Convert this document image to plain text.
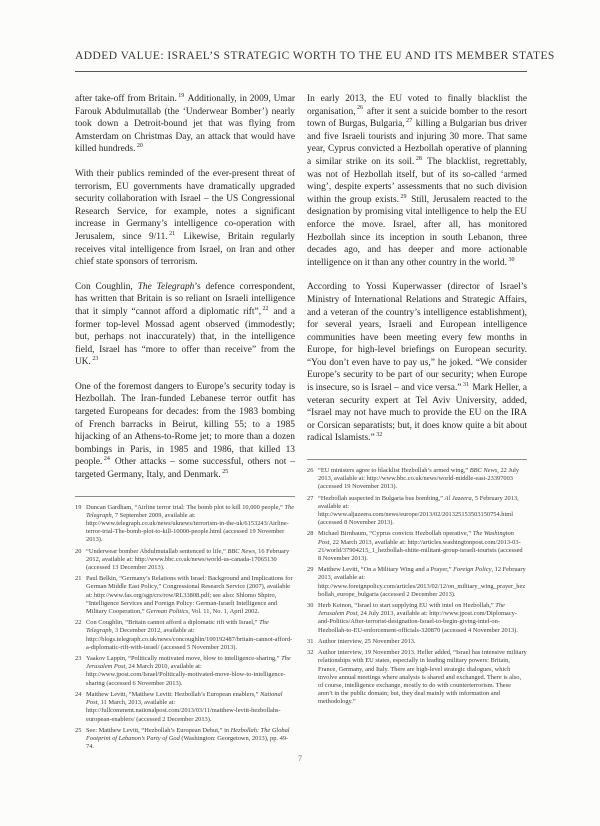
ADDED VALUE: ISRAEL’S STRATEGIC WORTH TO THE EU AND ITS MEMBER STATES

after take-off from Britain. $^{19}$ Additionally, in 2009, Umar Farouk Abdulmutallab (the ‘Underwear Bomber’) nearly took down a Detroit-bound jet that was flying from Amsterdam on Christmas Day, an attack that would have killed hundreds. $^{20}$

With their publics reminded of the ever-present threat of terrorism, EU governments have dramatically upgraded security collaboration with Israel – the US Congressional Research Service, for example, notes a significant increase in Germany’s intelligence co-operation with Jerusalem, since 9/11. $^{21}$ Likewise, Britain regularly receives vital intelligence from Israel, on Iran and other chief state sponsors of terrorism.

Con Coughlin, The Telegraph’s defence correspondent, has written that Britain is so reliant on Israeli intelligence that it simply “cannot afford a diplomatic rift”, $^{22}$ and a former top-level Mossad agent observed (immodestly; but, perhaps not inaccurately) that, in the intelligence field, Israel has “more to offer than receive” from the UK. $^{23}$

One of the foremost dangers to Europe’s security today is Hezbollah. The Iran-funded Lebanese terror outfit has targeted Europeans for decades: from the 1983 bombing of French barracks in Beirut, killing 55; to a 1985 hijacking of an Athens-to-Rome jet; to more than a dozen bombings in Paris, in 1985 and 1986, that killed 13 people. $^{24}$ Other attacks – some successful, others not – targeted Germany, Italy, and Denmark. $^{25}$

19 Duncan Gardham, “Airline terror trial: The bomb plot to kill 10,000 people,” The Telegraph, 7 September 2009, available at: http://www.telegraph.co.uk/news/uknews/terrorism-in-the-uk/6153243/Airline-terror-trial-The-bomb-plot-to-kill-10000-people.html (accessed 19 November 2013).
20 “Underwear bomber Abdulmutallab sentenced to life,” BBC News, 16 February 2012, available at: http://www.bbc.co.uk/news/world-us-canada-17065130 (accessed 13 December 2013).
21 Paul Belkin, “Germany’s Relations with Israel: Background and Implications for German Middle East Policy,” Congressional Research Service (2007), available at: http://www.fas.org/sgp/crs/row/RL33808.pdf; see also: Shlomo Shpiro, “Intelligence Services and Foreign Policy: German-Israeli Intelligence and Military Cooperation,” German Politics, Vol. 11, No. 1, April 2002.
22 Con Coughlin, “Britain cannot afford a diplomatic rift with Israel,” The Telegraph, 3 December 2012, available at: http://blogs.telegraph.co.uk/news/concoughlin/100192487/britain-cannot-afford-a-diplomatic-rift-with-israel/ (accessed 5 November 2013).
23 Yaakov Lappin, “Politically motivated move, blow to intelligence-sharing,” The Jerusalem Post, 24 March 2010, available at: http://www.jpost.com/Israel/Politically-motivated-move-blow-to-intelligence-sharing (accessed 6 November 2013).
24 Matthew Levitt, “Matthew Levitt: Hezbollah’s European enablers,” National Post, 11 March, 2013, available at: http://fullcomment.nationalpost.com/2013/03/11/matthew-levitt-hezbollahs-european-enablers/ (accessed 2 December 2013).
25 See: Matthew Levitt, “Hezbollah’s European Debut,” in Hezbollah: The Global Footprint of Lebanon’s Party of God (Washington: Georgetown, 2013), pp. 49-74.

In early 2013, the EU voted to finally blacklist the organisation, $^{26}$ after it sent a suicide bomber to the resort town of Burgas, Bulgaria, $^{27}$ killing a Bulgarian bus driver and five Israeli tourists and injuring 30 more. That same year, Cyprus convicted a Hezbollah operative of planning a similar strike on its soil. $^{28}$ The blacklist, regrettably, was not of Hezbollah itself, but of its so-called ‘armed wing’, despite experts’ assessments that no such division within the group exists. $^{29}$ Still, Jerusalem reacted to the designation by promising vital intelligence to help the EU enforce the move. Israel, after all, has monitored Hezbollah since its inception in south Lebanon, three decades ago, and has deeper and more actionable intelligence on it than any other country in the world. $^{30}$

According to Yossi Kuperwasser (director of Israel’s Ministry of International Relations and Strategic Affairs, and a veteran of the country’s intelligence establishment), for several years, Israeli and European intelligence communities have been meeting every few months in Europe, for high-level briefings on European security. “You don’t even have to pay us,” he joked. “We consider Europe’s security to be part of our security; when Europe is insecure, so is Israel – and vice versa.” $^{31}$ Mark Heller, a veteran security expert at Tel Aviv University, added, “Israel may not have much to provide the EU on the IRA or Corsican separatists; but, it does know quite a bit about radical Islamists.” $^{32}$

26 “EU ministers agree to blacklist Hezbollah’s armed wing,” BBC News, 22 July 2013, available at: http://www.bbc.co.uk/news/world-middle-east-23397003 (accessed 19 November 2013).
27 “Hezbollah suspected in Bulgaria bus bombing,” Al Jazeera, 5 February 2013, available at: http://www.aljazeera.com/news/europe/2013/02/201325153503150754.html (accessed 8 November 2013).
28 Michael Birnbaum, “Cyprus convicts Hezbollah operative,” The Washington Post, 22 March 2013, available at: http://articles.washingtonpost.com/2013-03-21/world/37904215_1_hezbollah-shiite-militant-group-israeli-tourists (accessed 8 November 2013).
29 Matthew Levitt, “On a Military Wing and a Prayer,” Foreign Policy, 12 February 2013, available at: http://www.foreignpolicy.com/articles/2013/02/12/on_military_wing_prayer_hezbollah_europe_bulgaria (accessed 2 December 2013).
30 Herb Keinon, “Israel to start supplying EU with intel on Hezbollah,” The Jerusalem Post, 24 July 2013, available at: http://www.jpost.com/Diplomacy-and-Politics/After-terrorist-designation-Israel-to-begin-giving-intel-on-Hezbollah-to-EU-enforcement-officials-320870 (accessed 4 November 2013).
31 Author interview, 25 November 2013.
32 Author interview, 19 November 2013. Heller added, “Israel has intensive military relationships with EU states, especially in leading military powers: Britain, France, Germany, and Italy. There are high-level strategic dialogues, which involve annual meetings where analysis is shared and exchanged. There is also, of course, intelligence exchange, mostly to do with counterterrorism. These aren’t in the public domain; but, they deal mainly with information and methodology.”
7
